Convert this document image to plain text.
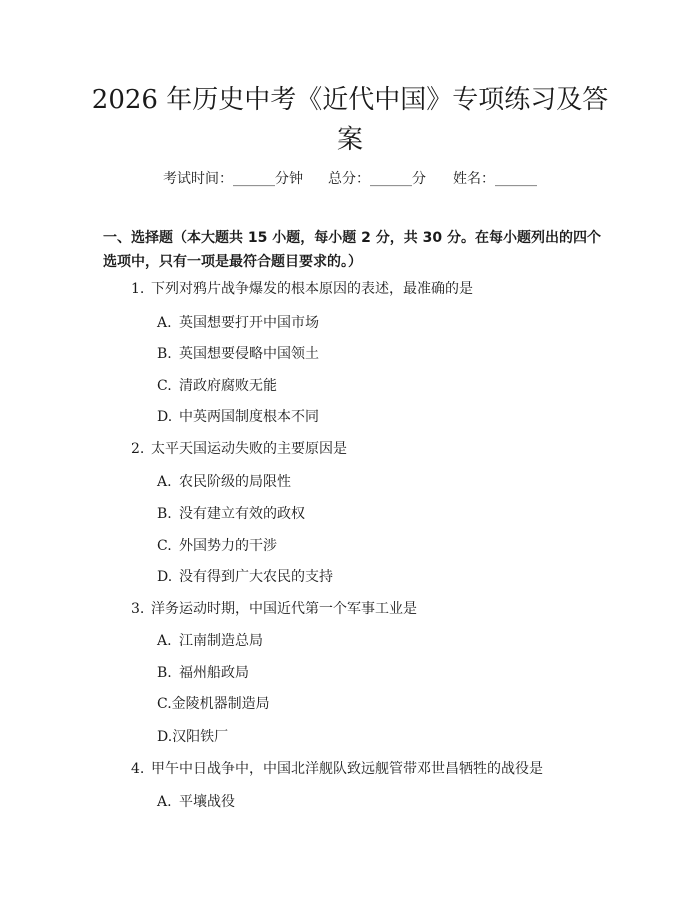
2026 年历史中考《近代中国》专项练习及答案
考试时间：______分钟 总分：______分 姓名：______
一、选择题（本大题共 15 小题，每小题 2 分，共 30 分。在每小题列出的四个选项中，只有一项是最符合题目要求的。）
1. 下列对鸦片战争爆发的根本原因的表述，最准确的是
A. 英国想要打开中国市场
B. 英国想要侵略中国领土
C. 清政府腐败无能
D. 中英两国制度根本不同
2. 太平天国运动失败的主要原因是
A. 农民阶级的局限性
B. 没有建立有效的政权
C. 外国势力的干涉
D. 没有得到广大农民的支持
3. 洋务运动时期，中国近代第一个军事工业是
A. 江南制造总局
B. 福州船政局
C.金陵机器制造局
D.汉阳铁厂
4. 甲午中日战争中，中国北洋舰队致远舰管带邓世昌牺牲的战役是
A. 平壤战役
